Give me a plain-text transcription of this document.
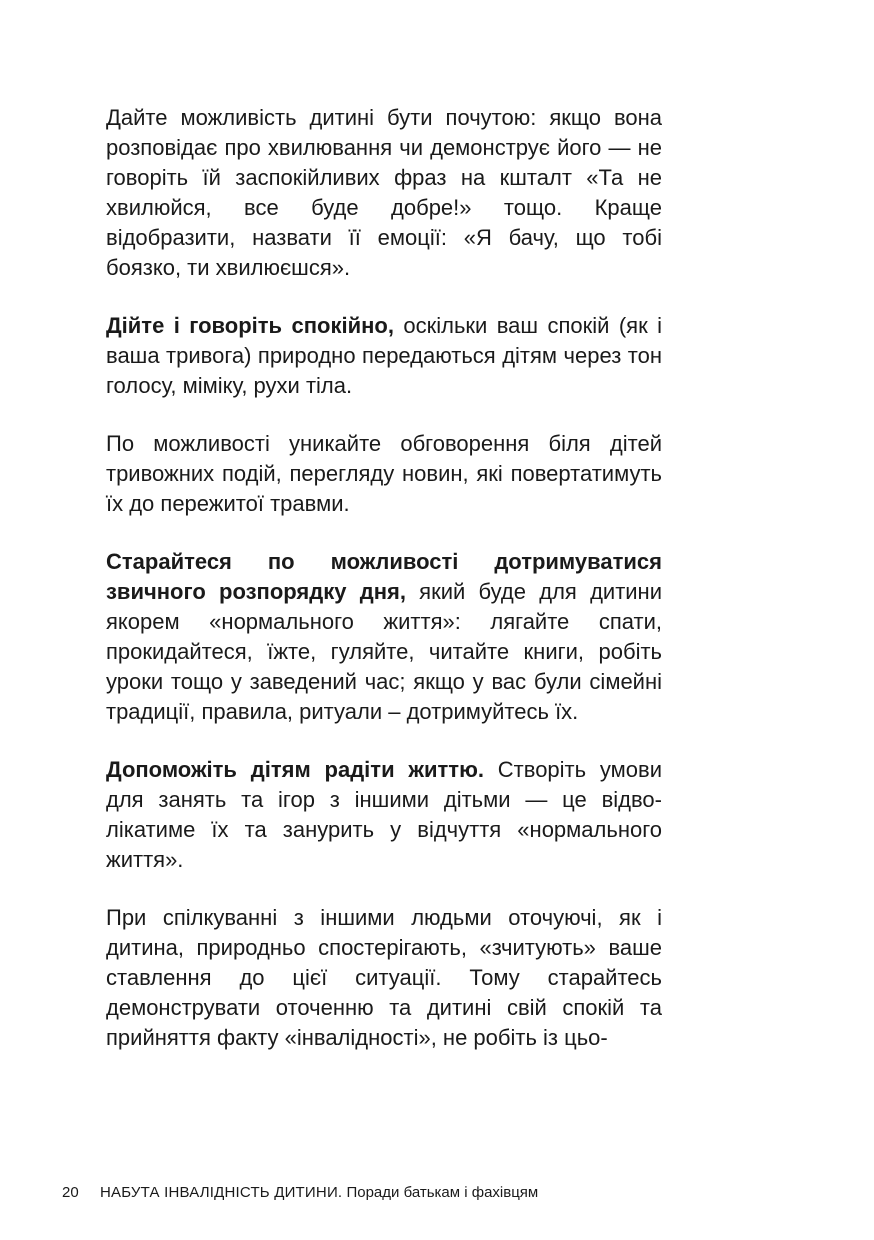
Дайте можливість дитині бути почутою: якщо вона розповідає про хвилювання чи демонструє його — не говоріть їй заспокійливих фраз на кшталт «Та не хвилюйся, все буде добре!» тощо. Краще відобразити, назвати її емоції: «Я бачу, що тобі боязко, ти хвилюєшся».

Дійте і говоріть спокійно, оскільки ваш спокій (як і ваша тривога) природно передаються дітям через тон голосу, міміку, рухи тіла.

По можливості уникайте обговорення біля дітей тривожних подій, перегляду новин, які повертатимуть їх до пережитої травми.

Старайтеся по можливості дотримуватися звичного розпорядку дня, який буде для дитини якорем «нормального життя»: лягайте спати, прокидайтеся, їжте, гуляйте, читайте книги, робіть уроки тощо у заведений час; якщо у вас були сімейні традиції, правила, ритуали – дотримуйтесь їх.

Допоможіть дітям радіти життю. Створіть умови для занять та ігор з іншими дітьми — це відволікатиме їх та занурить у відчуття «нормального життя».

При спілкуванні з іншими людьми оточуючі, як і дитина, природньо спостерігають, «зчитують» ваше ставлення до цієї ситуації. Тому старайтесь демонструвати оточенню та дитині свій спокій та прийняття факту «інвалідності», не робіть із цьо-

20 НАБУТА ІНВАЛІДНІСТЬ ДИТИНИ. Поради батькам і фахівцям
